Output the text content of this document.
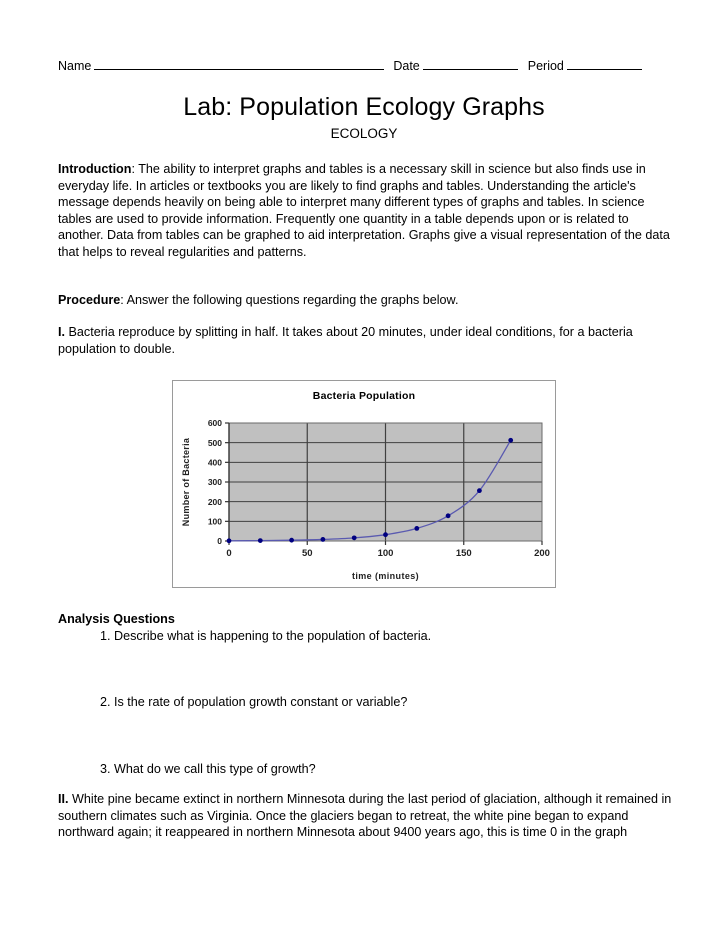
Name	Date	Period
Lab: Population Ecology Graphs
ECOLOGY
Introduction: The ability to interpret graphs and tables is a necessary skill in science but also finds use in everyday life. In articles or textbooks you are likely to find graphs and tables. Understanding the article's message depends heavily on being able to interpret many different types of graphs and tables. In science tables are used to provide information. Frequently one quantity in a table depends upon or is related to another. Data from tables can be graphed to aid interpretation. Graphs give a visual representation of the data that helps to reveal regularities and patterns.
Procedure: Answer the following questions regarding the graphs below.
I. Bacteria reproduce by splitting in half. It takes about 20 minutes, under ideal conditions, for a bacteria population to double.
Bacteria Population
0
100
200
300
400
500
600
0	50	100	150	200
time (minutes)
Number of Bacteria
Analysis Questions
1. Describe what is happening to the population of bacteria.
2. Is the rate of population growth constant or variable?
3. What do we call this type of growth?
II. White pine became extinct in northern Minnesota during the last period of glaciation, although it remained in southern climates such as Virginia. Once the glaciers began to retreat, the white pine began to expand northward again; it reappeared in northern Minnesota about 9400 years ago, this is time 0 in the graph
